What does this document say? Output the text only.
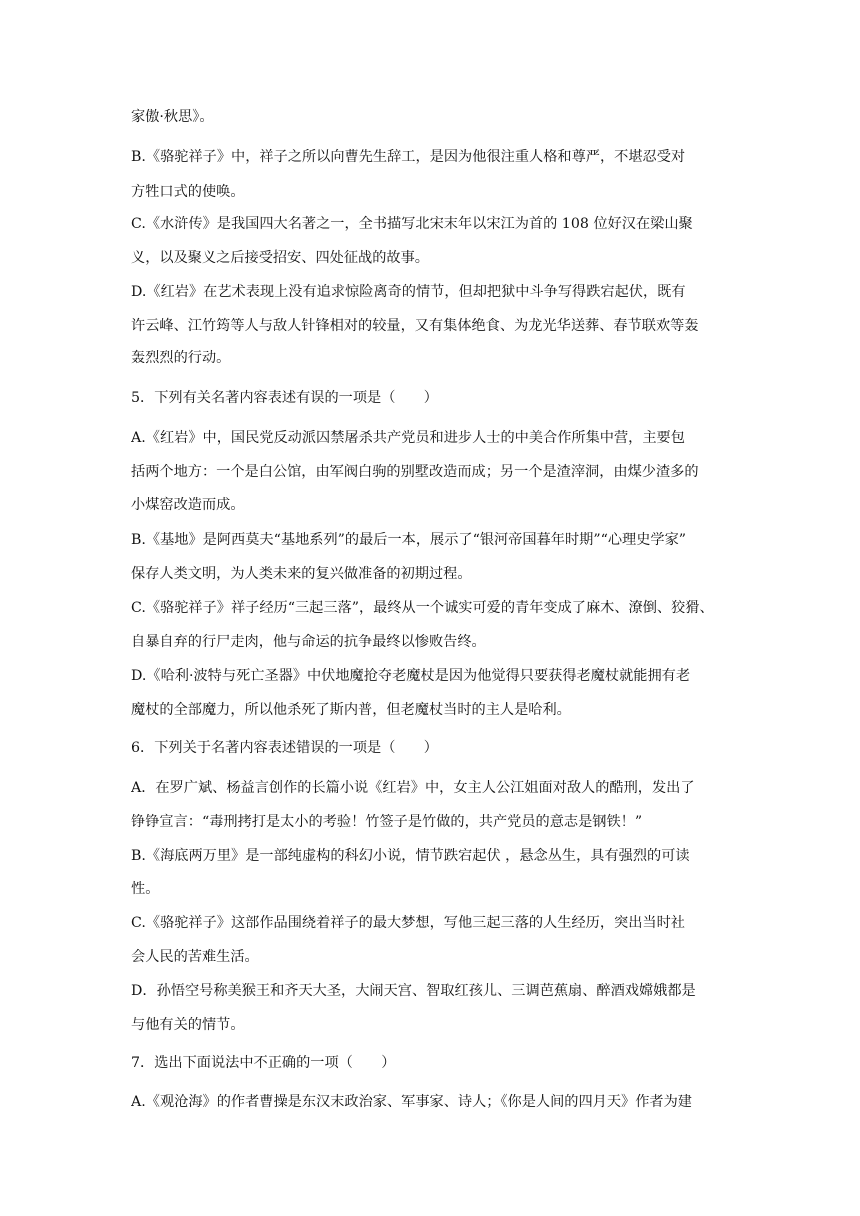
家傲·秋思》。
B.《骆驼祥子》中，祥子之所以向曹先生辞工，是因为他很注重人格和尊严，不堪忍受对
方牲口式的使唤。
C.《水浒传》是我国四大名著之一，全书描写北宋末年以宋江为首的 108 位好汉在梁山聚
义，以及聚义之后接受招安、四处征战的故事。
D.《红岩》在艺术表现上没有追求惊险离奇的情节，但却把狱中斗争写得跌宕起伏，既有
许云峰、江竹筠等人与敌人针锋相对的较量，又有集体绝食、为龙光华送葬、春节联欢等轰
轰烈烈的行动。
5．下列有关名著内容表述有误的一项是（　　）
A.《红岩》中，国民党反动派囚禁屠杀共产党员和进步人士的中美合作所集中营，主要包
括两个地方：一个是白公馆，由军阀白驹的别墅改造而成；另一个是渣滓洞，由煤少渣多的
小煤窑改造而成。
B.《基地》是阿西莫夫“基地系列”的最后一本，展示了“银河帝国暮年时期”“心理史学家”
保存人类文明，为人类未来的复兴做准备的初期过程。
C.《骆驼祥子》祥子经历“三起三落”，最终从一个诚实可爱的青年变成了麻木、潦倒、狡猾、
自暴自弃的行尸走肉，他与命运的抗争最终以惨败告终。
D.《哈利·波特与死亡圣器》中伏地魔抢夺老魔杖是因为他觉得只要获得老魔杖就能拥有老
魔杖的全部魔力，所以他杀死了斯内普，但老魔杖当时的主人是哈利。
6．下列关于名著内容表述错误的一项是（　　）
A．在罗广斌、杨益言创作的长篇小说《红岩》中，女主人公江姐面对敌人的酷刑，发出了
铮铮宣言：“毒刑拷打是太小的考验！竹签子是竹做的，共产党员的意志是钢铁！”
B.《海底两万里》是一部纯虚构的科幻小说，情节跌宕起伏 ，悬念丛生，具有强烈的可读
性。
C.《骆驼祥子》这部作品围绕着祥子的最大梦想，写他三起三落的人生经历，突出当时社
会人民的苦难生活。
D．孙悟空号称美猴王和齐天大圣，大闹天宫、智取红孩儿、三调芭蕉扇、醉酒戏嫦娥都是
与他有关的情节。
7．选出下面说法中不正确的一项（　　）
A.《观沧海》的作者曹操是东汉末政治家、军事家、诗人；《你是人间的四月天》作者为建
